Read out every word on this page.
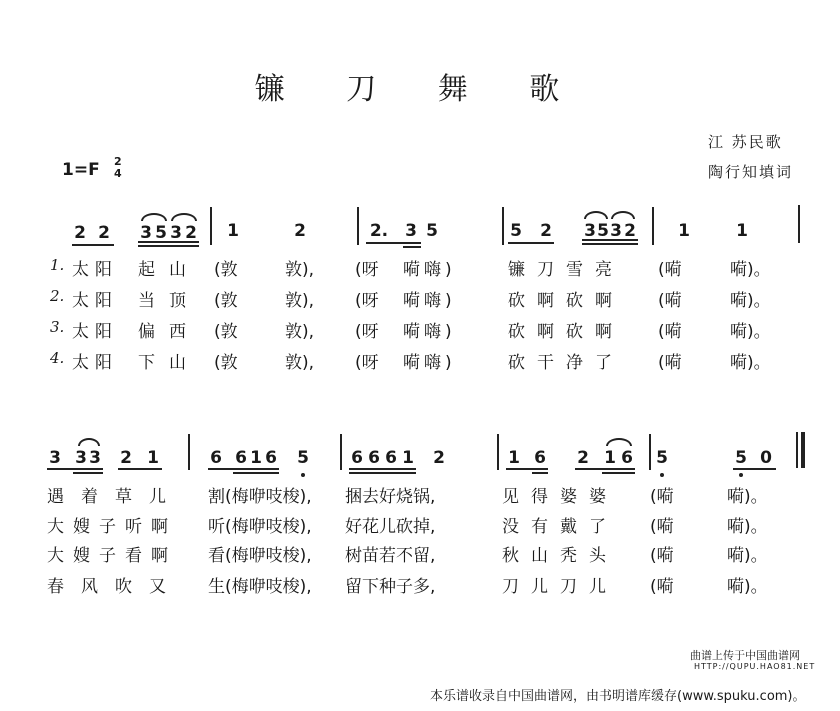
镰 刀 舞 歌
江 苏民歌
陶行知填词
1=F 2
4
2 2 3 5 3 2 1	2	2. 3 5	5 2 3 5 3 2 1	1
1. 太阳 起山 (敦	敦), (呀 嗬嗨)	镰刀雪亮 (嗬	嗬)。
2. 太阳 当顶 (敦	敦), (呀 嗬嗨)	砍啊砍啊 (嗬	嗬)。
3. 太阳 偏西 (敦	敦), (呀 嗬嗨)	砍啊砍啊 (嗬	嗬)。
4. 太阳 下山 (敦	敦), (呀 嗬嗨)	砍干净了 (嗬	嗬)。
3 3 3 2 1	6 6 1 6 5 6 6 6 1 2	1 6 2 1 6 5	5 0
遇着草儿 割(梅咿吱梭), 捆去好烧锅,	见得婆婆 (嗬	嗬)。
大嫂子听啊 听(梅咿吱梭), 好花儿砍掉,	没有戴了 (嗬	嗬)。
大嫂子看啊 看(梅咿吱梭), 树苗若不留,	秋山秃头 (嗬	嗬)。
春风吹又 生(梅咿吱梭), 留下种子多,	刀儿刀儿 (嗬	嗬)。
曲谱上传于中国曲谱网
HTTP://QUPU.HAO81.NET
本乐谱收录自中国曲谱网，由书明谱库缓存(www.spuku.com)。
